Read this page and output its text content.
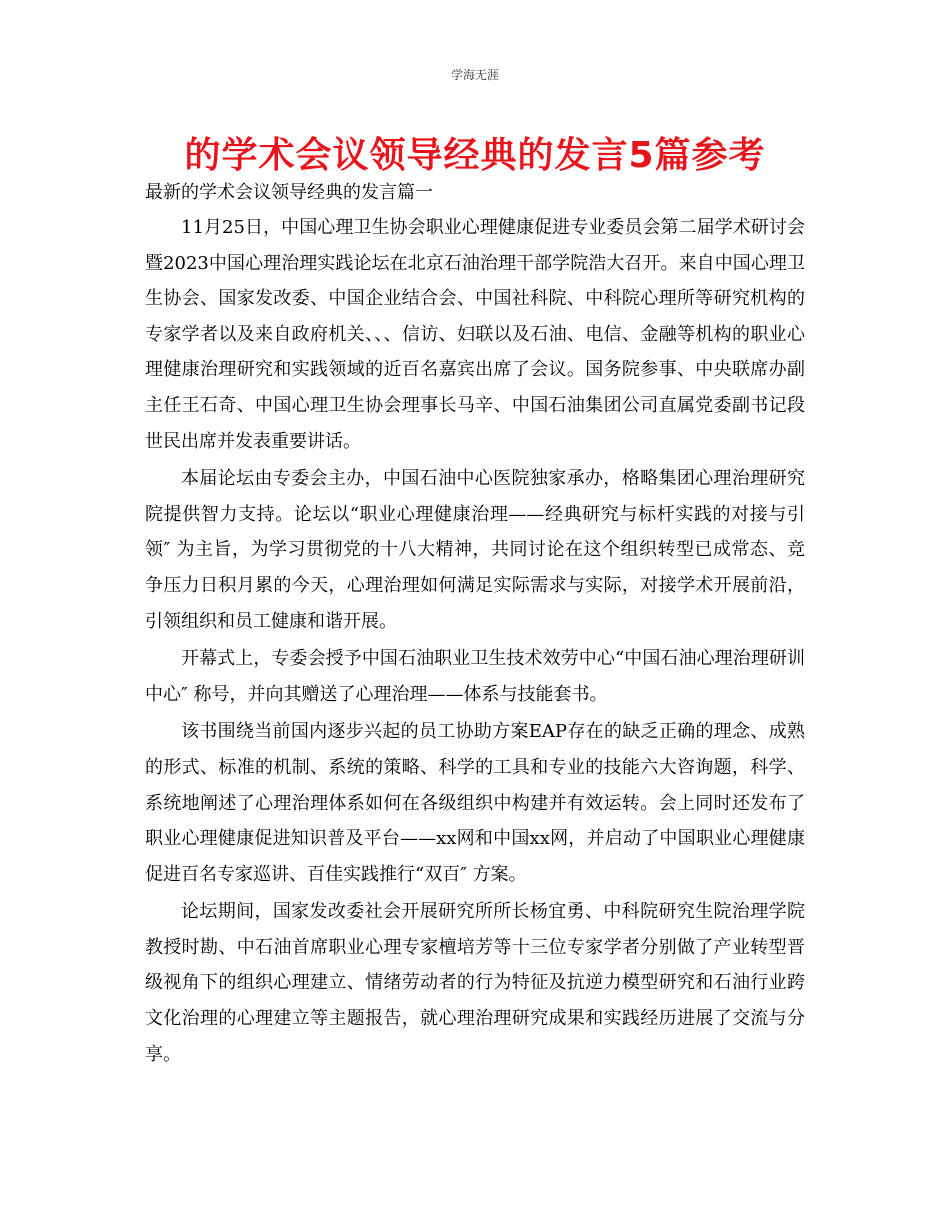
学海无涯
的学术会议领导经典的发言5篇参考
最新的学术会议领导经典的发言篇一

11月25日，中国心理卫生协会职业心理健康促进专业委员会第二届学术研讨会暨2023中国心理治理实践论坛在北京石油治理干部学院浩大召开。来自中国心理卫生协会、国家发改委、中国企业结合会、中国社科院、中科院心理所等研究机构的专家学者以及来自政府机关、、、信访、妇联以及石油、电信、金融等机构的职业心理健康治理研究和实践领域的近百名嘉宾出席了会议。国务院参事、中央联席办副主任王石奇、中国心理卫生协会理事长马辛、中国石油集团公司直属党委副书记段世民出席并发表重要讲话。

本届论坛由专委会主办，中国石油中心医院独家承办，格略集团心理治理研究院提供智力支持。论坛以“职业心理健康治理——经典研究与标杆实践的对接与引领″ 为主旨，为学习贯彻党的十八大精神，共同讨论在这个组织转型已成常态、竞争压力日积月累的今天，心理治理如何满足实际需求与实际，对接学术开展前沿，引领组织和员工健康和谐开展。

开幕式上，专委会授予中国石油职业卫生技术效劳中心“中国石油心理治理研训中心″ 称号，并向其赠送了心理治理——体系与技能套书。

该书围绕当前国内逐步兴起的员工协助方案EAP存在的缺乏正确的理念、成熟的形式、标准的机制、系统的策略、科学的工具和专业的技能六大咨询题，科学、系统地阐述了心理治理体系如何在各级组织中构建并有效运转。会上同时还发布了职业心理健康促进知识普及平台——xx网和中国xx网，并启动了中国职业心理健康促进百名专家巡讲、百佳实践推行“双百″ 方案。

论坛期间，国家发改委社会开展研究所所长杨宜勇、中科院研究生院治理学院教授时勘、中石油首席职业心理专家檀培芳等十三位专家学者分别做了产业转型晋级视角下的组织心理建立、情绪劳动者的行为特征及抗逆力模型研究和石油行业跨文化治理的心理建立等主题报告，就心理治理研究成果和实践经历进展了交流与分享。
